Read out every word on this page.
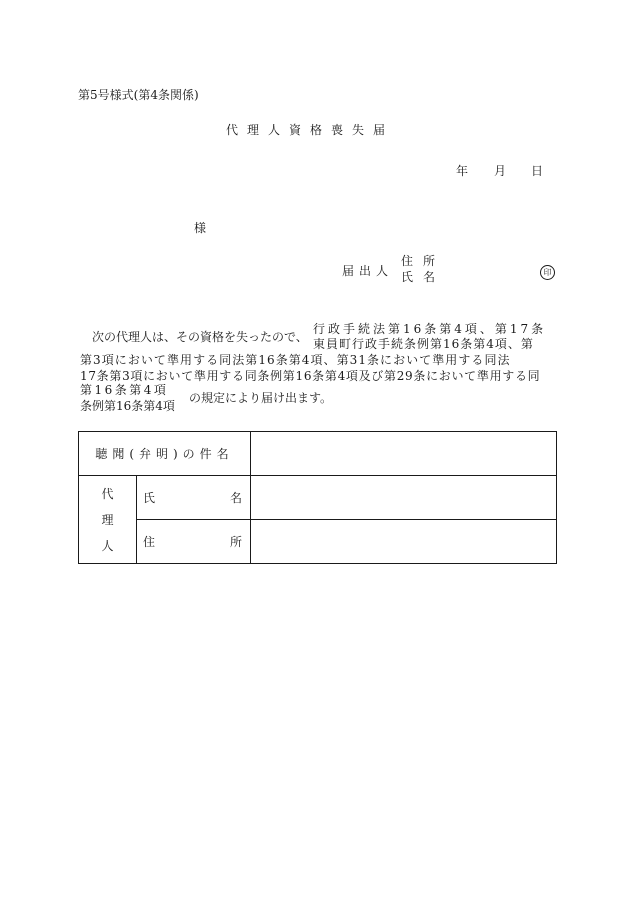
第5号様式(第4条関係)
代理人資格喪失届
年 月 日
様
届出人
住所
氏名	印
次の代理人は、その資格を失ったので、
行政手続法第16条第4項、第17条
東員町行政手続条例第16条第4項、第
第3項において準用する同法第16条第4項、第31条において準用する同法
17条第3項において準用する同条例第16条第4項及び第29条において準用する同
第16条第4項
条例第16条第4項
の規定により届け出ます。
聴聞(弁明)の件名		

代
理
人	氏 名	

	住 所	
